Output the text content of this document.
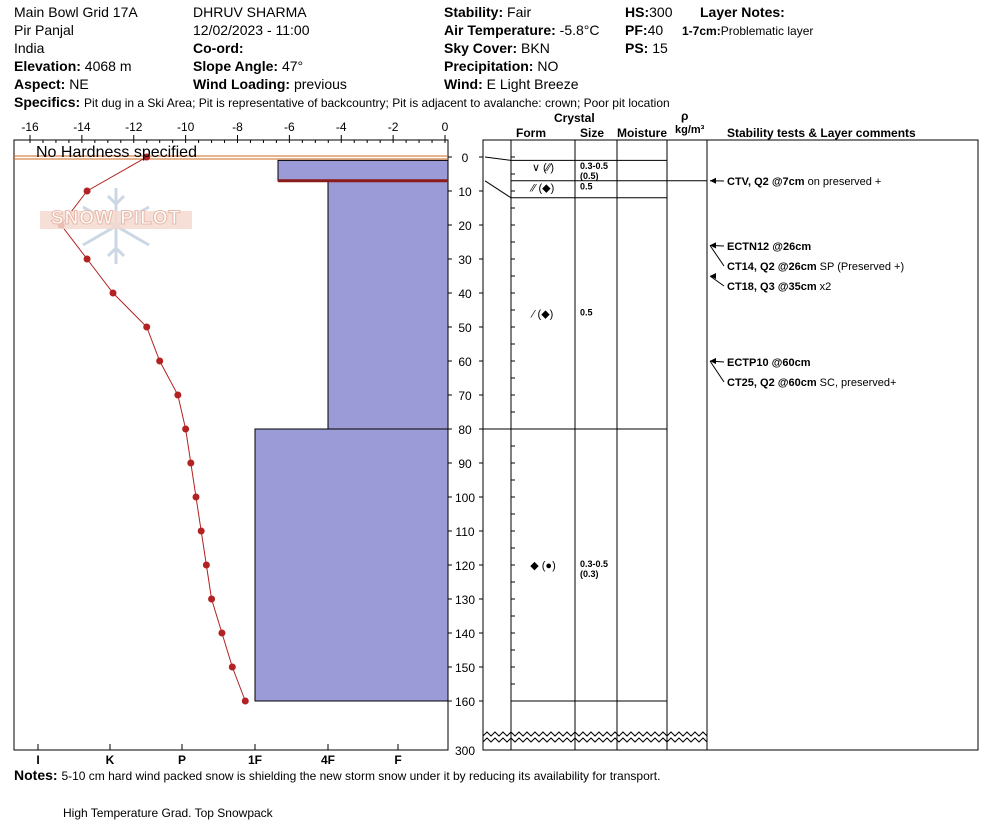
Main Bowl Grid 17A
Pir Panjal
India
Elevation: 4068 m
Aspect: NE
DHRUV SHARMA
12/02/2023 - 11:00
Co-ord:
Slope Angle: 47°
Wind Loading: previous
Stability: Fair
Air Temperature: -5.8°C
Sky Cover: BKN
Precipitation: NO
Wind: E Light Breeze
HS:300
PF:40
PS: 15
Layer Notes:
1-7cm:Problematic layer
Specifics: Pit dug in a Ski Area; Pit is representative of backcountry; Pit is adjacent to avalanche: crown; Poor pit location
-16	-14	-12	-10	-8	-6	-4	-2	0
I	K	P	1F	4F	F
0
10
20
30
40
50
60
70
80
90
100
110
120
130
140
150
160
300
∨ (⁄⁄)	0.3-0.5
(0.5)
⁄⁄ (◆)	0.5
⁄ (◆)	0.5
◆ (●)	0.3-0.5
(0.3)
CTV, Q2 @7cm on preserved +
ECTN12 @26cm
CT14, Q2 @26cm SP (Preserved +)
CT18, Q3 @35cm x2
ECTP10 @60cm
CT25, Q2 @60cm SC, preserved+
No Hardness specified
SNOW PILOT
Crystal
Form	Size Moisture
ρ
kg/m³ Stability tests & Layer comments
Notes: 5-10 cm hard wind packed snow is shielding the new storm snow under it by reducing its availability for transport.
High Temperature Grad. Top Snowpack
